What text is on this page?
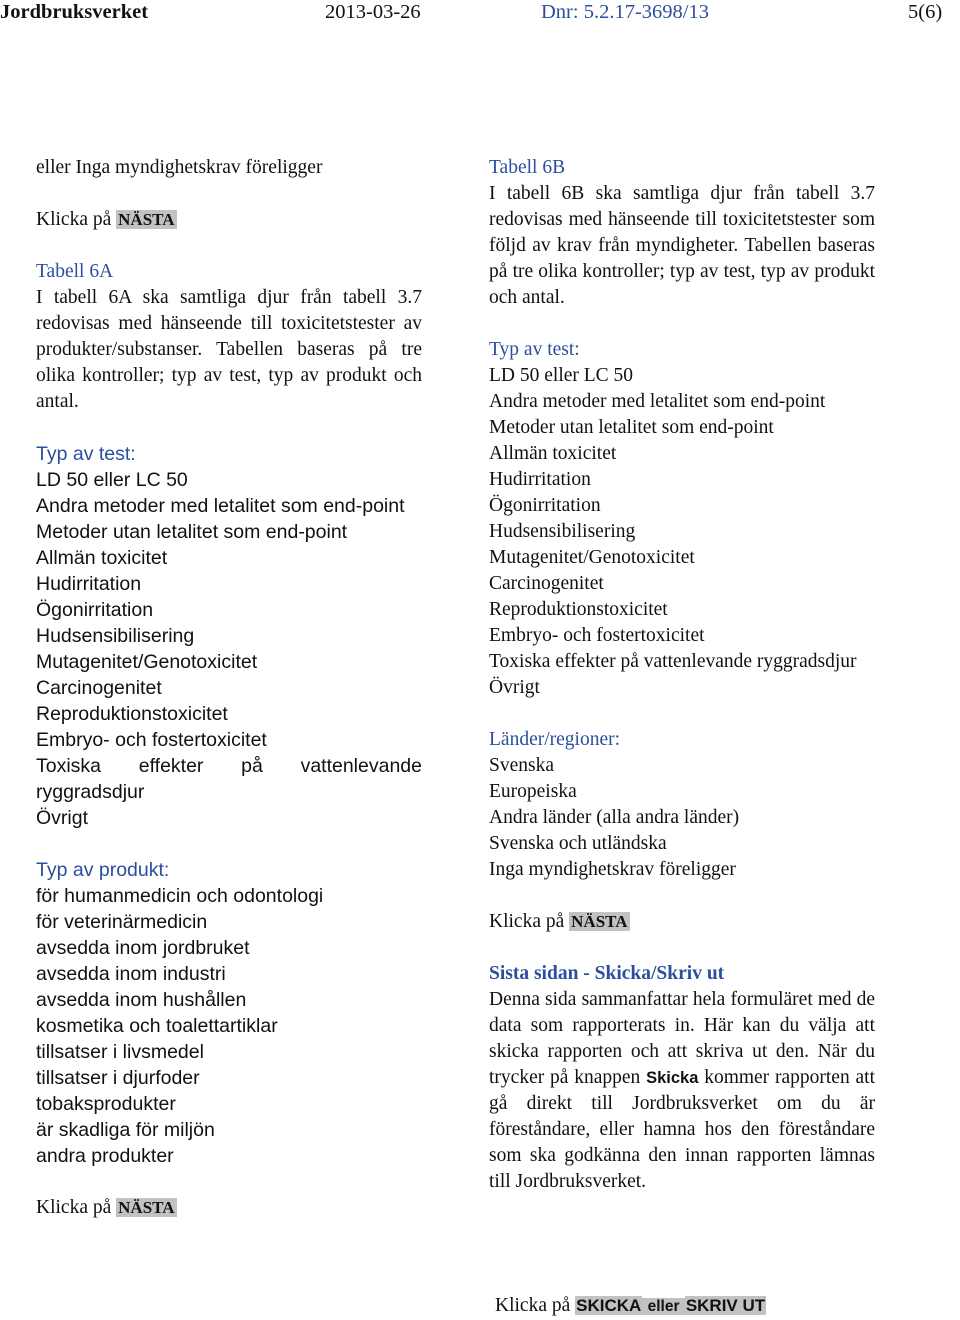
Jordbruksverket	2013-03-26	Dnr: 5.2.17-3698/13	5(6)
eller Inga myndighetskrav föreligger
Klicka på NÄSTA
Tabell 6A
I tabell 6A ska samtliga djur från tabell 3.7 redovisas med hänseende till toxicitetstester av produkter/substanser. Tabellen baseras på tre olika kontroller; typ av test, typ av produkt och antal.
Typ av test:
LD 50 eller LC 50
Andra metoder med letalitet som end-point
Metoder utan letalitet som end-point
Allmän toxicitet
Hudirritation
Ögonirritation
Hudsensibilisering
Mutagenitet/Genotoxicitet
Carcinogenitet
Reproduktionstoxicitet
Embryo- och fostertoxicitet
Toxiska effekter på vattenlevande ryggradsdjur
Övrigt
Typ av produkt:
för humanmedicin och odontologi
för veterinärmedicin
avsedda inom jordbruket
avsedda inom industri
avsedda inom hushållen
kosmetika och toalettartiklar
tillsatser i livsmedel
tillsatser i djurfoder
tobaksprodukter
är skadliga för miljön
andra produkter
Klicka på NÄSTA
Tabell 6B
I tabell 6B ska samtliga djur från tabell 3.7 redovisas med hänseende till toxicitetstester som följd av krav från myndigheter. Tabellen baseras på tre olika kontroller; typ av test, typ av produkt och antal.
Typ av test:
LD 50 eller LC 50
Andra metoder med letalitet som end-point
Metoder utan letalitet som end-point
Allmän toxicitet
Hudirritation
Ögonirritation
Hudsensibilisering
Mutagenitet/Genotoxicitet
Carcinogenitet
Reproduktionstoxicitet
Embryo- och fostertoxicitet
Toxiska effekter på vattenlevande ryggradsdjur
Övrigt
Länder/regioner:
Svenska
Europeiska
Andra länder (alla andra länder)
Svenska och utländska
Inga myndighetskrav föreligger
Klicka på NÄSTA
Sista sidan - Skicka/Skriv ut
Denna sida sammanfattar hela formuläret med de data som rapporterats in. Här kan du välja att skicka rapporten och att skriva ut den. När du trycker på knappen Skicka kommer rapporten att gå direkt till Jordbruksverket om du är föreståndare, eller hamna hos den föreståndare som ska godkänna den innan rapporten lämnas till Jordbruksverket.
Klicka på SKICKA eller SKRIV UT
